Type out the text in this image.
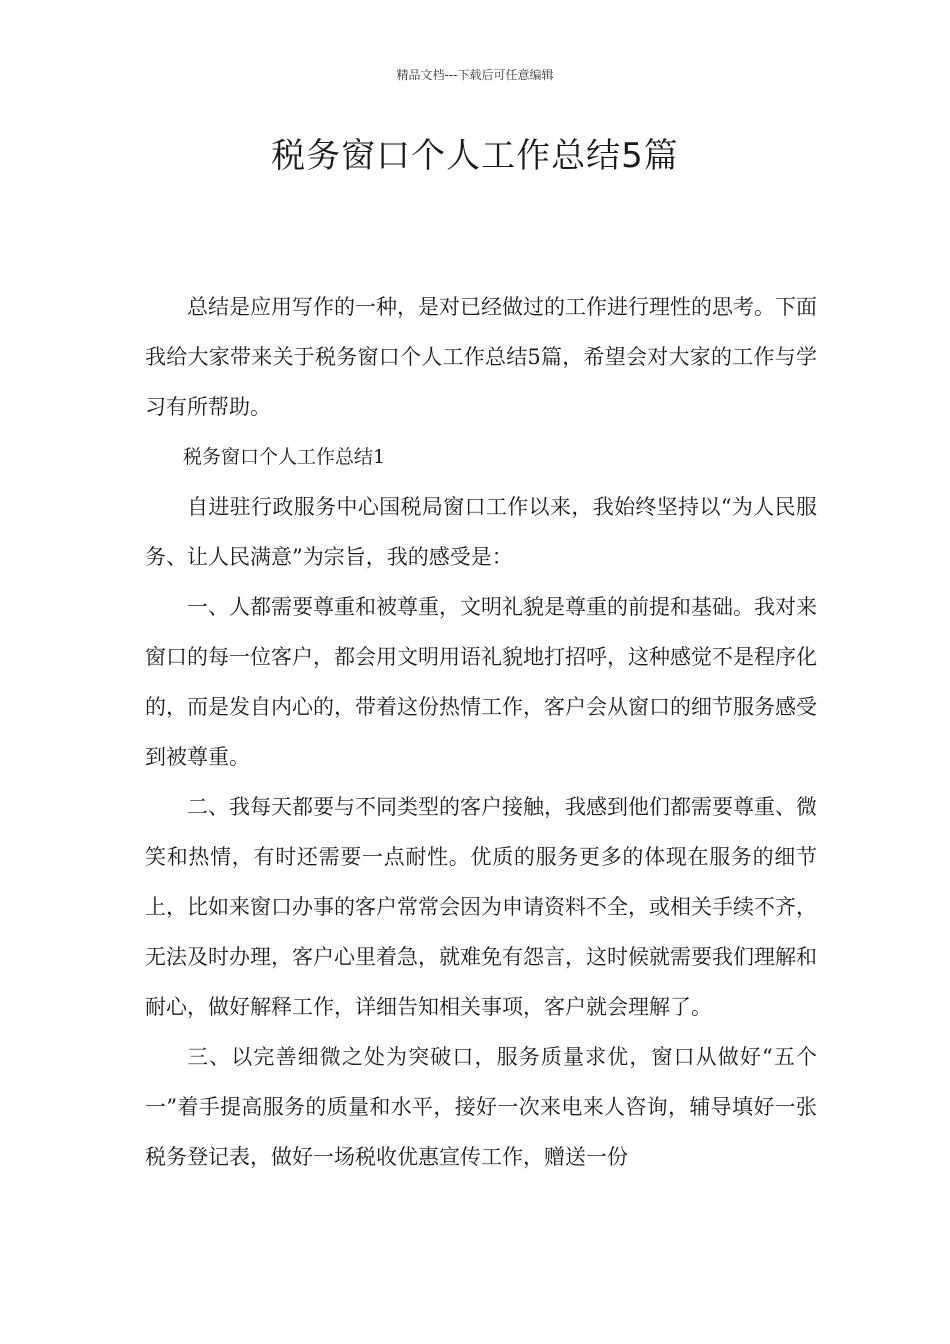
精品文档---下载后可任意编辑
税务窗口个人工作总结5篇

总结是应用写作的一种，是对已经做过的工作进行理性的思考。下面我给大家带来关于税务窗口个人工作总结5篇，希望会对大家的工作与学习有所帮助。

税务窗口个人工作总结1

自进驻行政服务中心国税局窗口工作以来，我始终坚持以“为人民服务、让人民满意”为宗旨，我的感受是：

一、人都需要尊重和被尊重，文明礼貌是尊重的前提和基础。我对来窗口的每一位客户，都会用文明用语礼貌地打招呼，这种感觉不是程序化的，而是发自内心的，带着这份热情工作，客户会从窗口的细节服务感受到被尊重。

二、我每天都要与不同类型的客户接触，我感到他们都需要尊重、微笑和热情，有时还需要一点耐性。优质的服务更多的体现在服务的细节上，比如来窗口办事的客户常常会因为申请资料不全，或相关手续不齐，无法及时办理，客户心里着急，就难免有怨言，这时候就需要我们理解和耐心，做好解释工作，详细告知相关事项，客户就会理解了。

三、以完善细微之处为突破口，服务质量求优，窗口从做好“五个一”着手提高服务的质量和水平，接好一次来电来人咨询，辅导填好一张税务登记表，做好一场税收优惠宣传工作，赠送一份
